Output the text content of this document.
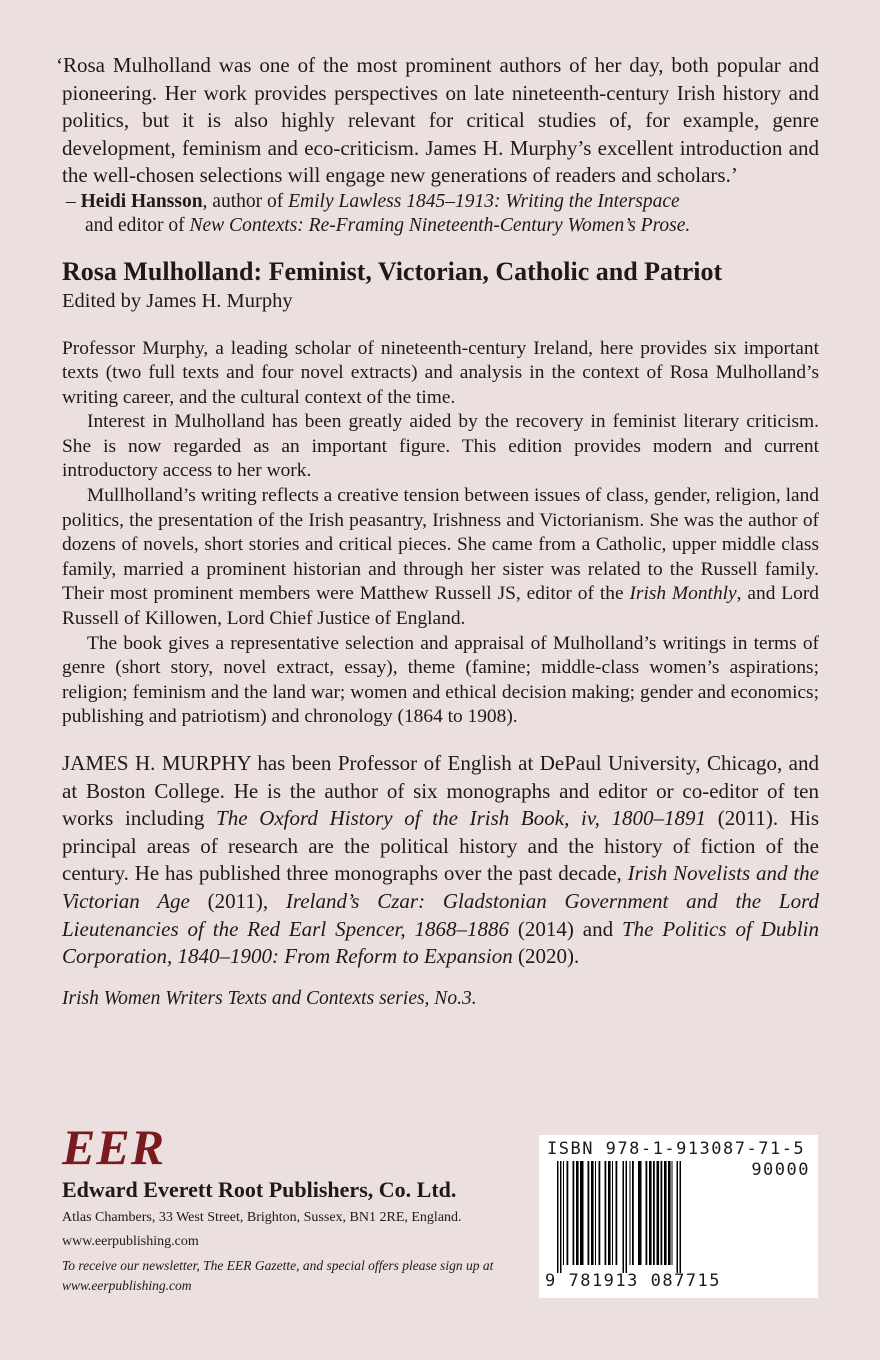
‘Rosa Mulholland was one of the most prominent authors of her day, both popular and pioneering. Her work provides perspectives on late nineteenth-century Irish history and politics, but it is also highly relevant for critical studies of, for example, genre development, feminism and eco-criticism. James H. Murphy’s excellent introduction and the well-chosen selections will engage new generations of readers and scholars.’

– Heidi Hansson, author of Emily Lawless 1845–1913: Writing the Interspace
and editor of New Contexts: Re-Framing Nineteenth-Century Women’s Prose.
Rosa Mulholland: Feminist, Victorian, Catholic and Patriot
Edited by James H. Murphy

Professor Murphy, a leading scholar of nineteenth-century Ireland, here provides six important texts (two full texts and four novel extracts) and analysis in the context of Rosa Mulholland’s writing career, and the cultural context of the time.

Interest in Mulholland has been greatly aided by the recovery in feminist literary criticism. She is now regarded as an important figure. This edition provides modern and current introductory access to her work.

Mullholland’s writing reflects a creative tension between issues of class, gender, religion, land politics, the presentation of the Irish peasantry, Irishness and Victorianism. She was the author of dozens of novels, short stories and critical pieces. She came from a Catholic, upper middle class family, married a prominent historian and through her sister was related to the Russell family. Their most prominent members were Matthew Russell JS, editor of the Irish Monthly, and Lord Russell of Killowen, Lord Chief Justice of England.

The book gives a representative selection and appraisal of Mulholland’s writings in terms of genre (short story, novel extract, essay), theme (famine; middle-class women’s aspirations; religion; feminism and the land war; women and ethical decision making; gender and economics; publishing and patriotism) and chronology (1864 to 1908).

JAMES H. MURPHY has been Professor of English at DePaul University, Chicago, and at Boston College. He is the author of six monographs and editor or co-editor of ten works including The Oxford History of the Irish Book, iv, 1800–1891 (2011). His principal areas of research are the political history and the history of fiction of the century. He has published three monographs over the past decade, Irish Novelists and the Victorian Age (2011), Ireland’s Czar: Gladstonian Government and the Lord Lieutenancies of the Red Earl Spencer, 1868–1886 (2014) and The Politics of Dublin Corporation, 1840–1900: From Reform to Expansion (2020).
Irish Women Writers Texts and Contexts series, No.3.
EER
Edward Everett Root Publishers, Co. Ltd.
Atlas Chambers, 33 West Street, Brighton, Sussex, BN1 2RE, England.
www.eerpublishing.com
To receive our newsletter, The EER Gazette, and special offers please sign up at www.eerpublishing.com
ISBN 978-1-913087-71-5
90000
9 781913 087715
